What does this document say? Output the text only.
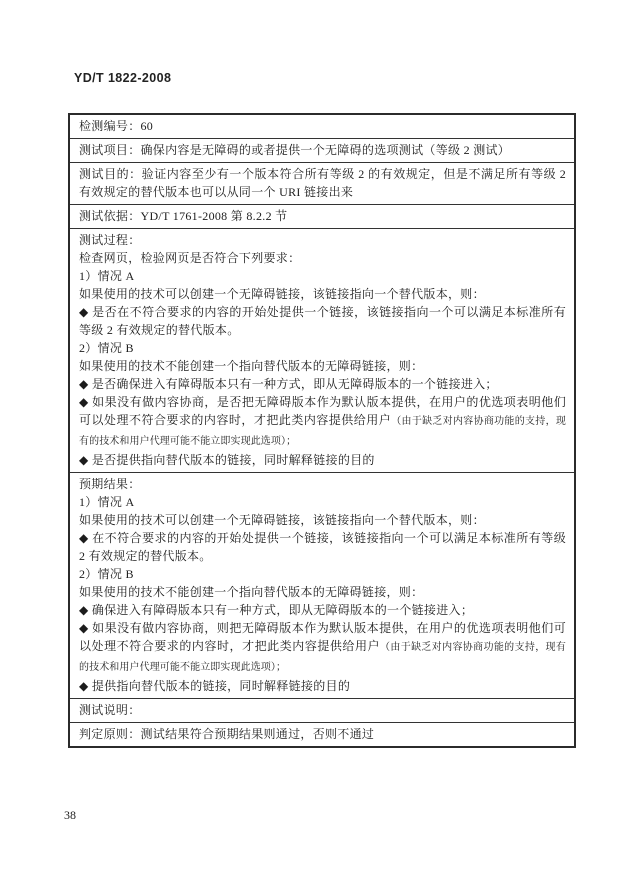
YD/T 1822-2008

检测编号：60

测试项目：确保内容是无障碍的或者提供一个无障碍的选项测试（等级 2 测试）

测试目的：验证内容至少有一个版本符合所有等级 2 的有效规定，但是不满足所有等级 2 有效规定的替代版本也可以从同一个 URI 链接出来

测试依据：YD/T 1761-2008 第 8.2.2 节

测试过程：

检查网页，检验网页是否符合下列要求：

1）情况 A

如果使用的技术可以创建一个无障碍链接，该链接指向一个替代版本，则：

◆ 是否在不符合要求的内容的开始处提供一个链接，该链接指向一个可以满足本标准所有等级 2 有效规定的替代版本。

2）情况 B

如果使用的技术不能创建一个指向替代版本的无障碍链接，则：

◆ 是否确保进入有障碍版本只有一种方式，即从无障碍版本的一个链接进入；

◆ 如果没有做内容协商，是否把无障碍版本作为默认版本提供，在用户的优选项表明他们可以处理不符合要求的内容时，才把此类内容提供给用户（由于缺乏对内容协商功能的支持，现有的技术和用户代理可能不能立即实现此选项）；

◆ 是否提供指向替代版本的链接，同时解释链接的目的

预期结果：

1）情况 A

如果使用的技术可以创建一个无障碍链接，该链接指向一个替代版本，则：

◆ 在不符合要求的内容的开始处提供一个链接，该链接指向一个可以满足本标准所有等级 2 有效规定的替代版本。

2）情况 B

如果使用的技术不能创建一个指向替代版本的无障碍链接，则：

◆ 确保进入有障碍版本只有一种方式，即从无障碍版本的一个链接进入；

◆ 如果没有做内容协商，则把无障碍版本作为默认版本提供，在用户的优选项表明他们可以处理不符合要求的内容时，才把此类内容提供给用户（由于缺乏对内容协商功能的支持，现有的技术和用户代理可能不能立即实现此选项）；

◆ 提供指向替代版本的链接，同时解释链接的目的

测试说明：

判定原则：测试结果符合预期结果则通过，否则不通过

38
